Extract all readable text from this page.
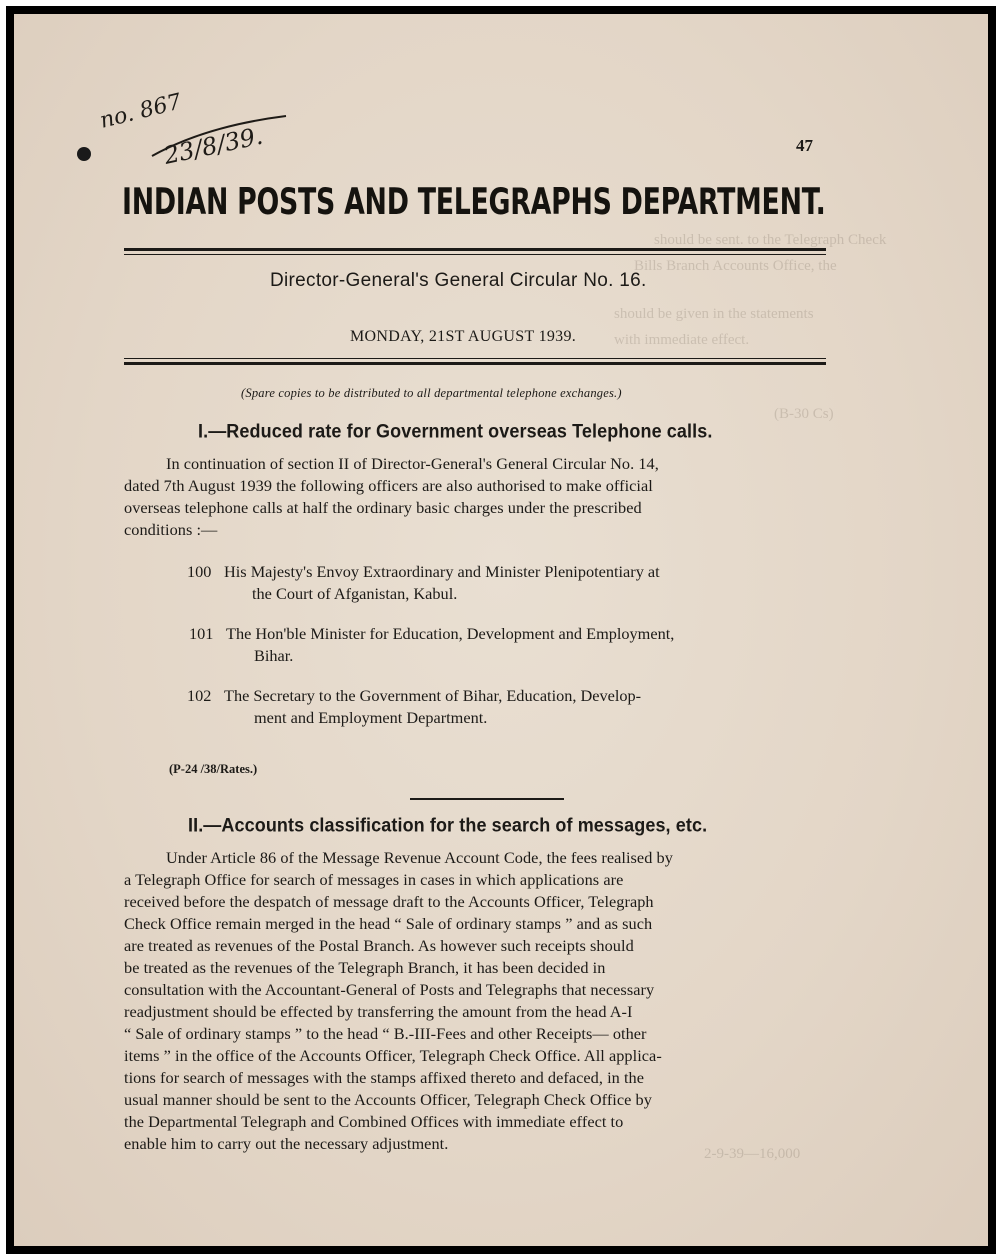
should be sent. to the Telegraph Check
Bills Branch Accounts Office, the
should be given in the statements
with immediate effect.
(B-30 Cs)
2-9-39—16,000
no. 867
23/8/39.	47
INDIAN POSTS AND TELEGRAPHS DEPARTMENT.
Director-General's General Circular No. 16.
MONDAY, 21ST AUGUST 1939.
(Spare copies to be distributed to all departmental telephone exchanges.)
I.—Reduced rate for Government overseas Telephone calls.
In continuation of section II of Director-General's General Circular No. 14,
dated 7th August 1939 the following officers are also authorised to make official
overseas telephone calls at half the ordinary basic charges under the prescribed
conditions :—
100 His Majesty's Envoy Extraordinary and Minister Plenipotentiary at
the Court of Afganistan, Kabul.
101 The Hon'ble Minister for Education, Development and Employment,
Bihar.
102 The Secretary to the Government of Bihar, Education, Develop-
ment and Employment Department.
(P-24 /38/Rates.)
II.—Accounts classification for the search of messages, etc.
Under Article 86 of the Message Revenue Account Code, the fees realised by
a Telegraph Office for search of messages in cases in which applications are
received before the despatch of message draft to the Accounts Officer, Telegraph
Check Office remain merged in the head “ Sale of ordinary stamps ” and as such
are treated as revenues of the Postal Branch. As however such receipts should
be treated as the revenues of the Telegraph Branch, it has been decided in
consultation with the Accountant-General of Posts and Telegraphs that necessary
readjustment should be effected by transferring the amount from the head A-I
“ Sale of ordinary stamps ” to the head “ B.-III-Fees and other Receipts— other
items ” in the office of the Accounts Officer, Telegraph Check Office. All applica-
tions for search of messages with the stamps affixed thereto and defaced, in the
usual manner should be sent to the Accounts Officer, Telegraph Check Office by
the Departmental Telegraph and Combined Offices with immediate effect to
enable him to carry out the necessary adjustment.
